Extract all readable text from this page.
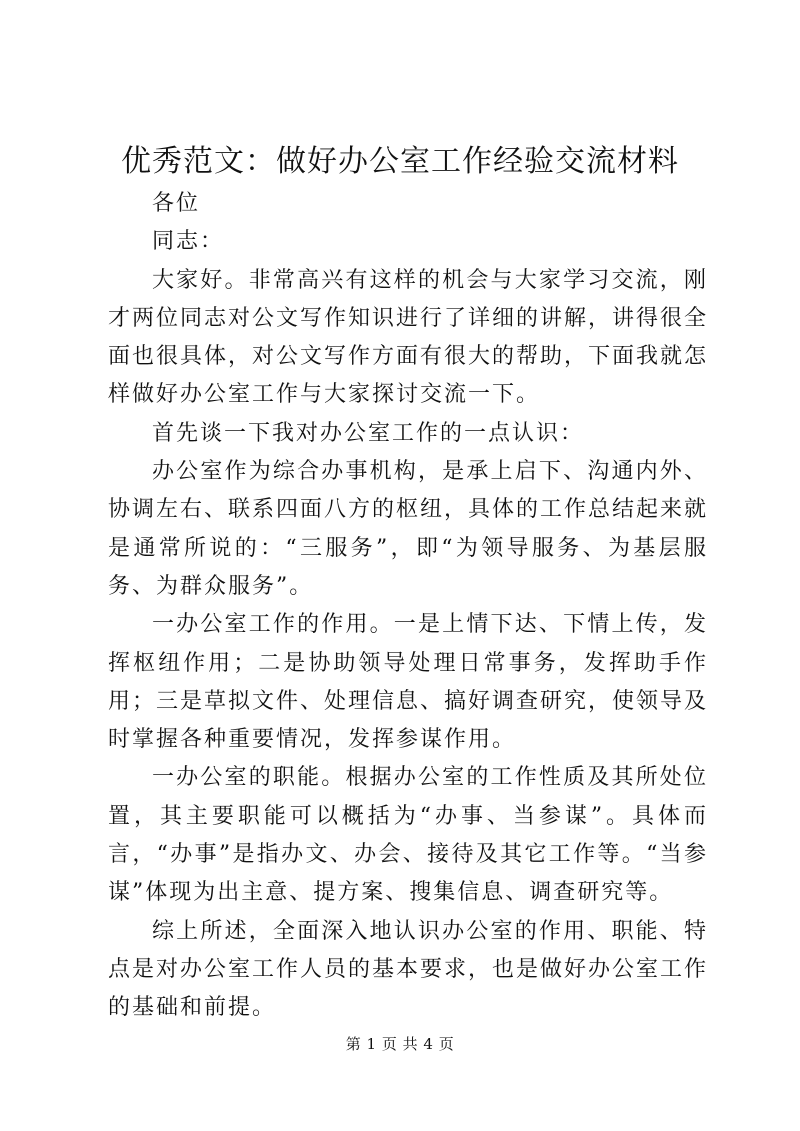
优秀范文：做好办公室工作经验交流材料

各位

同志：

大家好。非常高兴有这样的机会与大家学习交流，刚才两位同志对公文写作知识进行了详细的讲解，讲得很全面也很具体，对公文写作方面有很大的帮助，下面我就怎样做好办公室工作与大家探讨交流一下。

首先谈一下我对办公室工作的一点认识：

办公室作为综合办事机构，是承上启下、沟通内外、协调左右、联系四面八方的枢纽，具体的工作总结起来就是通常所说的：“三服务”，即“为领导服务、为基层服务、为群众服务”。

一办公室工作的作用。一是上情下达、下情上传，发挥枢纽作用；二是协助领导处理日常事务，发挥助手作用；三是草拟文件、处理信息、搞好调查研究，使领导及时掌握各种重要情况，发挥参谋作用。

一办公室的职能。根据办公室的工作性质及其所处位置，其主要职能可以概括为“办事、当参谋”。具体而言，“办事”是指办文、办会、接待及其它工作等。“当参谋”体现为出主意、提方案、搜集信息、调查研究等。

综上所述，全面深入地认识办公室的作用、职能、特点是对办公室工作人员的基本要求，也是做好办公室工作的基础和前提。

第 1 页 共 4 页
